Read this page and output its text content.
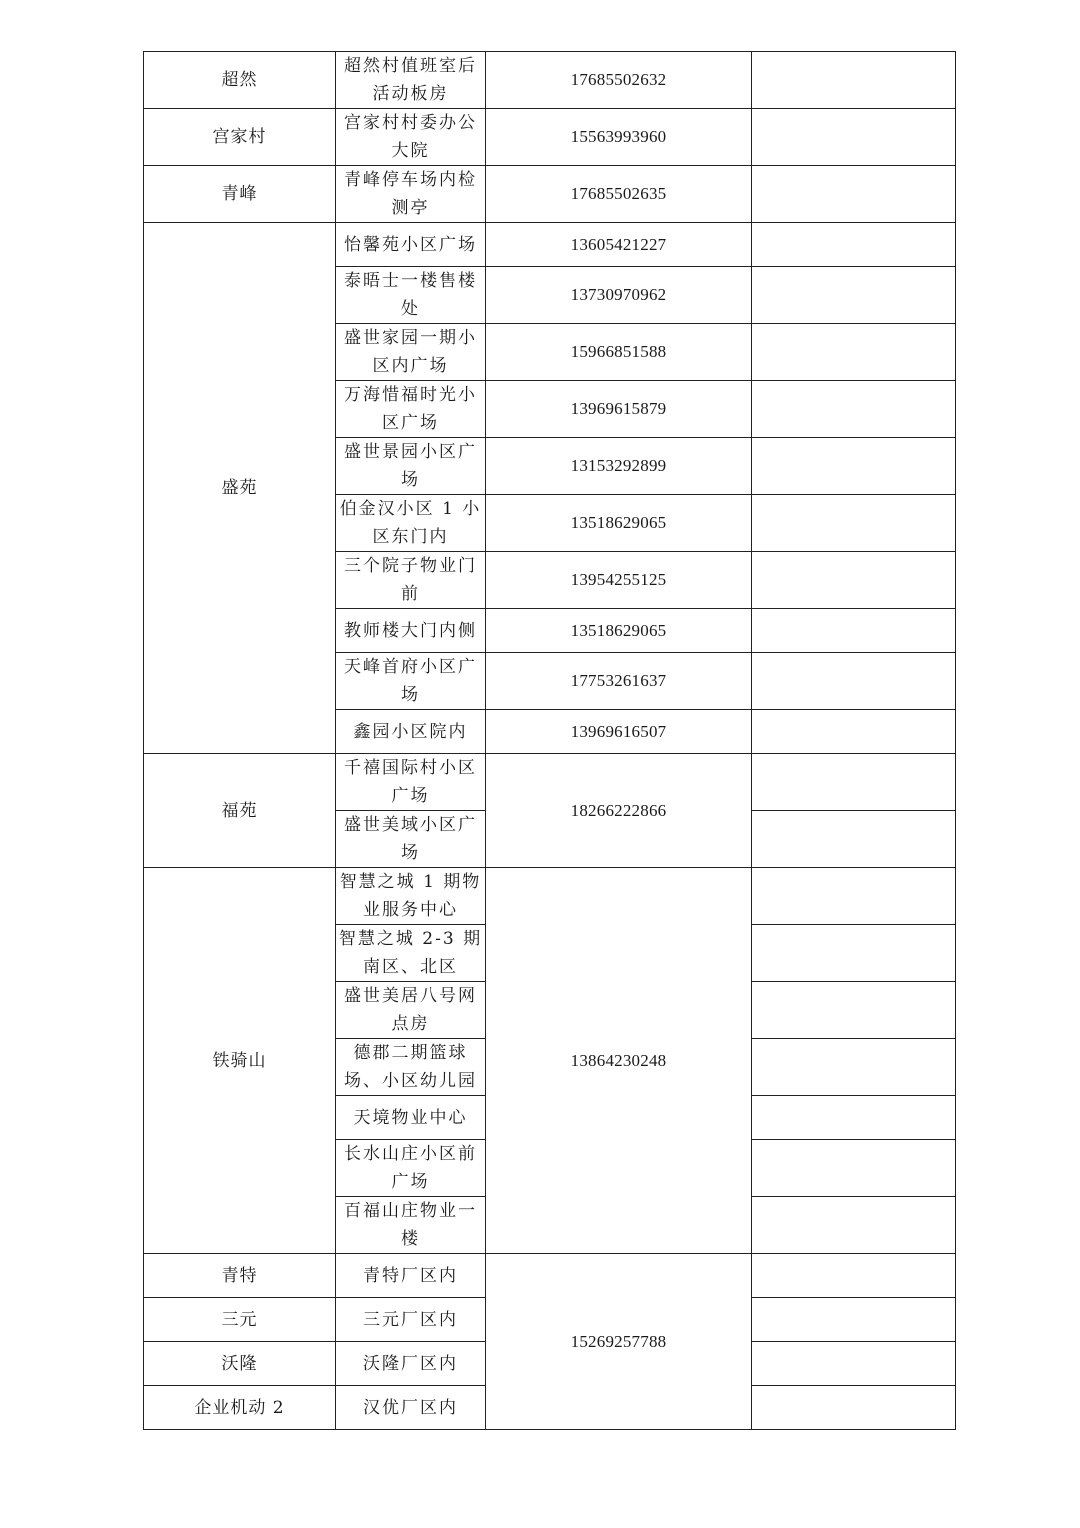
超然	超然村值班室后活动板房	17685502632	
宫家村	宫家村村委办公大院	15563993960	
青峰	青峰停车场内检测亭	17685502635	
盛苑	怡馨苑小区广场	13605421227	

	泰晤士一楼售楼处	13730970962	

	盛世家园一期小区内广场	15966851588	

	万海惜福时光小区广场	13969615879	

	盛世景园小区广场	13153292899	

	伯金汉小区 1 小区东门内	13518629065	

	三个院子物业门前	13954255125	

	教师楼大门内侧	13518629065	

	天峰首府小区广场	17753261637	

	鑫园小区院内	13969616507	
福苑	千禧国际村小区广场	18266222866	

	盛世美域小区广场		

铁骑山	智慧之城 1 期物业服务中心	13864230248	

	智慧之城 2-3 期南区、北区		

	盛世美居八号网点房		

	德郡二期篮球场、小区幼儿园		

	天境物业中心		

	长水山庄小区前广场		

	百福山庄物业一楼		

青特	青特厂区内	15269257788	
三元	三元厂区内		

沃隆	沃隆厂区内		

企业机动 2	汉优厂区内		
